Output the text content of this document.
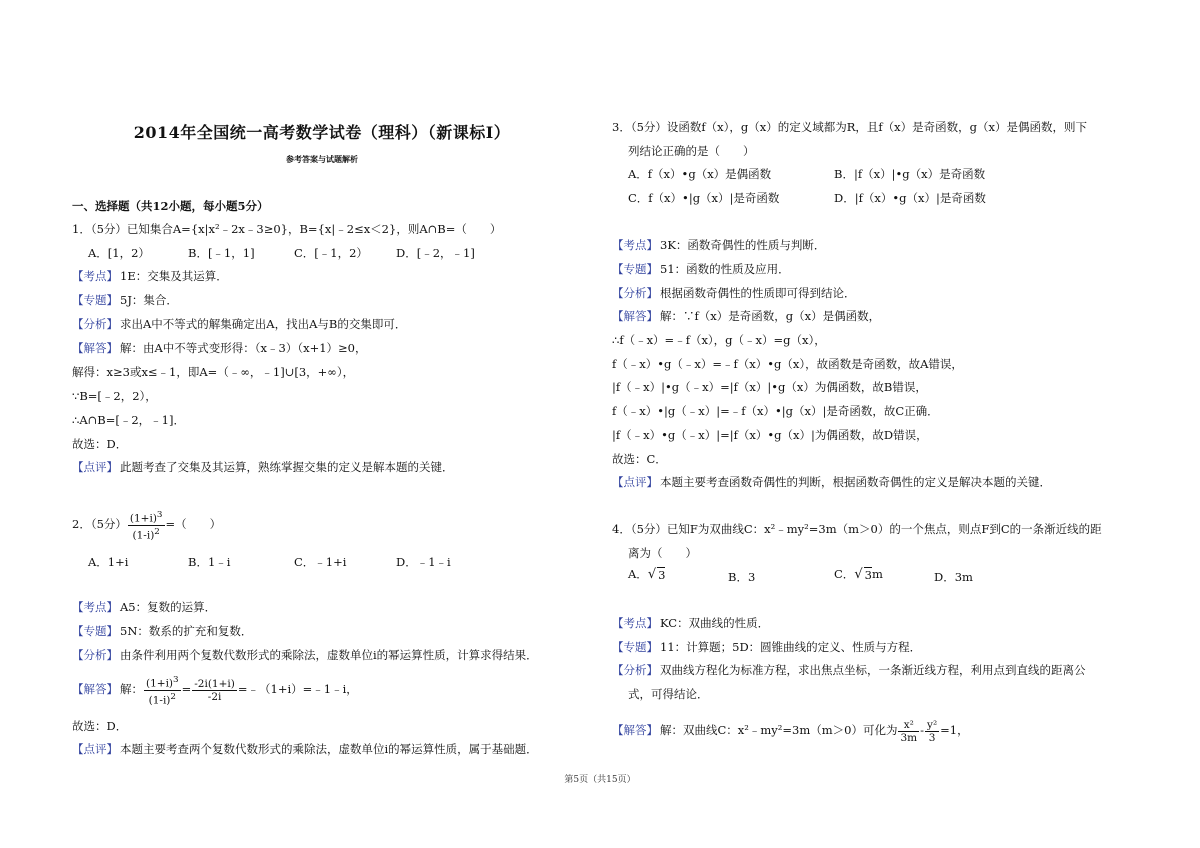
2014年全国统一高考数学试卷（理科）（新课标Ⅰ）
参考答案与试题解析
一、选择题（共12小题，每小题5分）
1．（5分）已知集合A={x|x²﹣2x﹣3≥0}，B={x|﹣2≤x＜2}，则A∩B=（　　）
A．[1，2）	B．[﹣1，1]	C．[﹣1，2） D．[﹣2，﹣1]
【考点】 1E：交集及其运算．
【专题】 5J：集合．
【分析】 求出A中不等式的解集确定出A，找出A与B的交集即可．
【解答】 解：由A中不等式变形得：（x﹣3）（x+1）≥0，
解得：x≥3或x≤﹣1，即A=（﹣∞，﹣1]∪[3，+∞），
∵B=[﹣2，2），
∴A∩B=[﹣2，﹣1]．
故选：D．
【点评】 此题考查了交集及其运算，熟练掌握交集的定义是解本题的关键．
2．（5分） $\frac{(1+i)^3}{(1-i)^2}$ =（　　）
A．1+i	B．1﹣i	C．﹣1+i	D．﹣1﹣i
【考点】 A5：复数的运算．
【专题】 5N：数系的扩充和复数．
【分析】 由条件利用两个复数代数形式的乘除法，虚数单位i的幂运算性质，计算求得结果．
【解答】 解： $\frac{(1+i)^3}{(1-i)^2} = \frac{-2i(1+i)}{-2i}$ =﹣（1+i）=﹣1﹣i，
故选：D．
【点评】 本题主要考查两个复数代数形式的乘除法，虚数单位i的幂运算性质，属于基础题．
3．（5分）设函数f（x），g（x）的定义域都为R，且f（x）是奇函数，g（x）是偶函数，则下
列结论正确的是（　　）
A．f（x）•g（x）是偶函数	B．|f（x）|•g（x）是奇函数
C．f（x）•|g（x）|是奇函数	D．|f（x）•g（x）|是奇函数
【考点】 3K：函数奇偶性的性质与判断．
【专题】 51：函数的性质及应用．
【分析】 根据函数奇偶性的性质即可得到结论．
【解答】 解：∵f（x）是奇函数，g（x）是偶函数，
∴f（﹣x）=﹣f（x），g（﹣x）=g（x），
f（﹣x）•g（﹣x）=﹣f（x）•g（x），故函数是奇函数，故A错误，
|f（﹣x）|•g（﹣x）=|f（x）|•g（x）为偶函数，故B错误，
f（﹣x）•|g（﹣x）|=﹣f（x）•|g（x）|是奇函数，故C正确．
|f（﹣x）•g（﹣x）|=|f（x）•g（x）|为偶函数，故D错误，
故选：C．
【点评】 本题主要考查函数奇偶性的判断，根据函数奇偶性的定义是解决本题的关键．
4．（5分）已知F为双曲线C：x²﹣my²=3m（m＞0）的一个焦点，则点F到C的一条渐近线的距
离为（　　）
A． √ 3	B．3	C． √ 3 m	D．3m
【考点】 KC：双曲线的性质．
【专题】 11：计算题；5D：圆锥曲线的定义、性质与方程．
【分析】 双曲线方程化为标准方程，求出焦点坐标，一条渐近线方程，利用点到直线的距离公
式，可得结论．
【解答】 解：双曲线C：x²﹣my²=3m（m＞0）可化为 $\frac{\text{x²}}{3m} - \frac{\text{y²}}{3} =1$，
第5页（共15页）
